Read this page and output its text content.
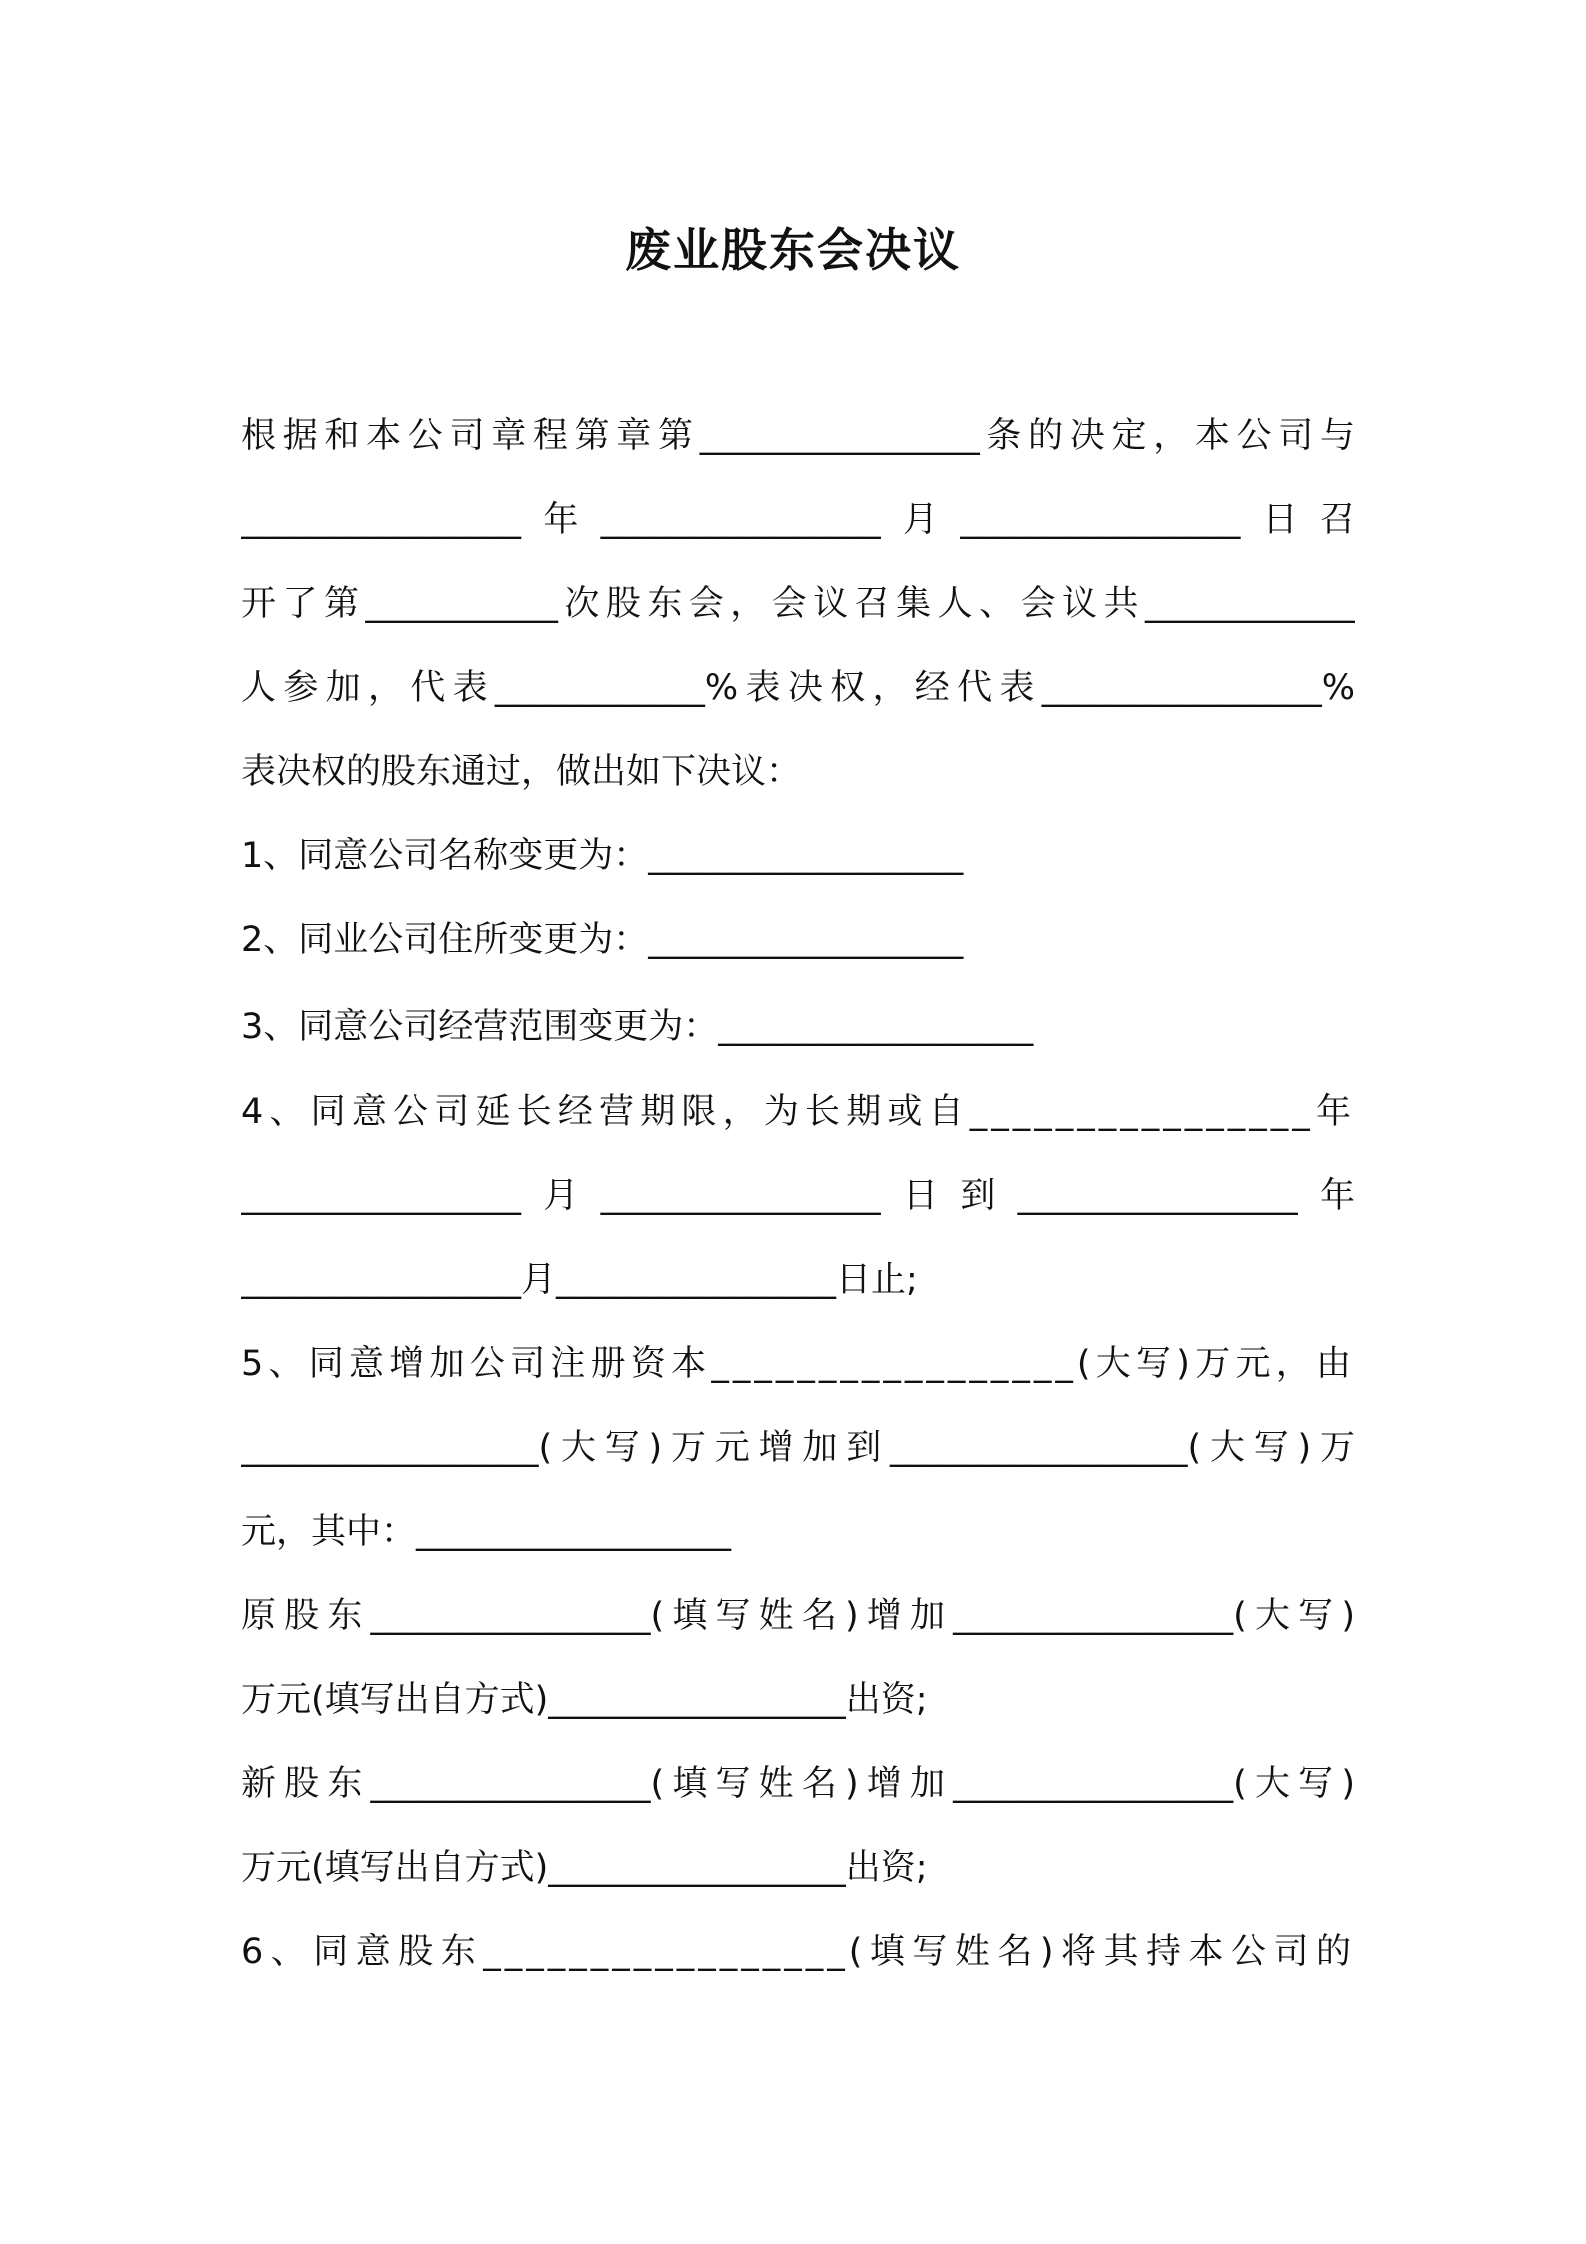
废业股东会决议
根据和本公司章程第章第________________条的决定，本公司与
________________年________________月________________日召
开了第___________次股东会，会议召集人、会议共____________
人参加，代表____________%表决权，经代表________________%
表决权的股东通过，做出如下决议：
1、同意公司名称变更为：__________________
2、同业公司住所变更为：__________________
3、同意公司经营范围变更为：__________________
4、同意公司延长经营期限，为长期或自________________年
________________月________________日到________________年
________________月________________日止;
5、同意增加公司注册资本_________________(大写)万元，由
_________________(大写)万元增加到_________________(大写)万
元，其中：__________________
原股东________________(填写姓名)增加________________(大写)
万元(填写出自方式)_________________出资;
新股东________________(填写姓名)增加________________(大写)
万元(填写出自方式)_________________出资;
6、同意股东_________________(填写姓名)将其持本公司的
